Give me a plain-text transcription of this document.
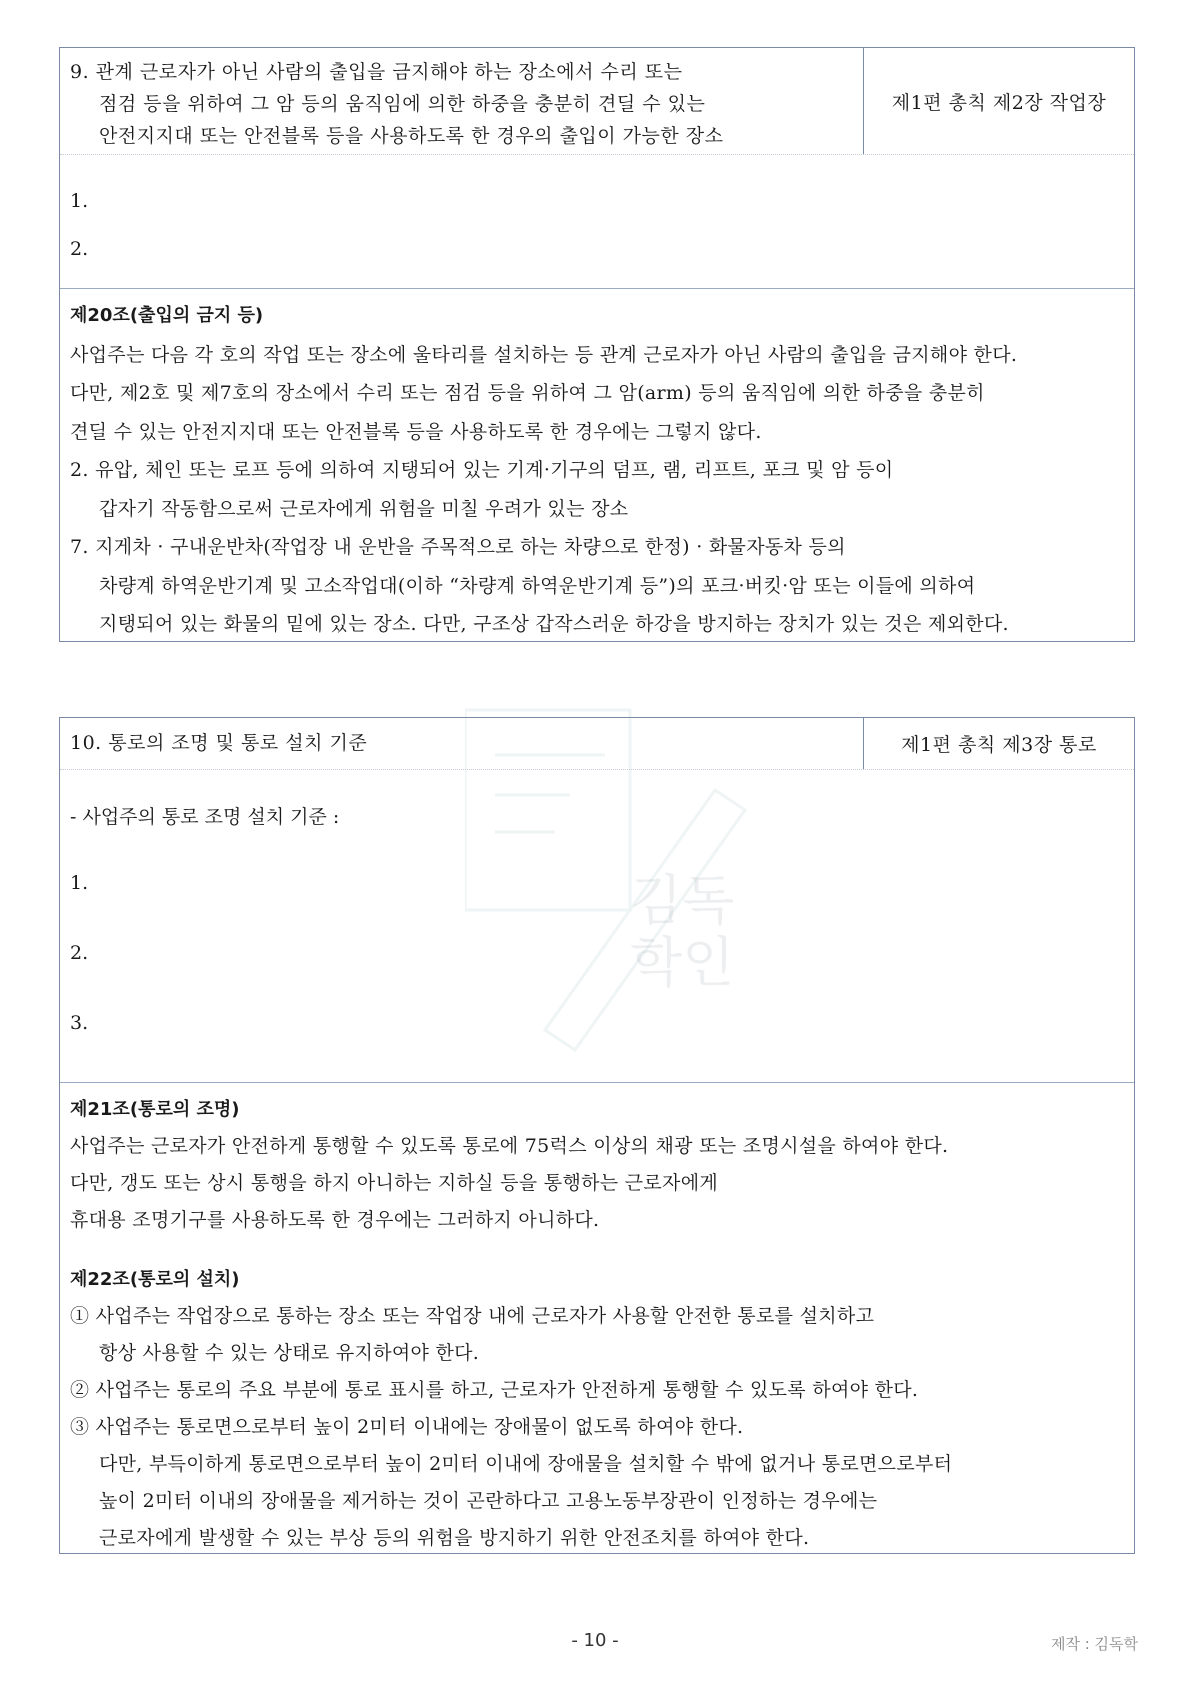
김독
학인
9. 관계 근로자가 아닌 사람의 출입을 금지해야 하는 장소에서 수리 또는
점검 등을 위하여 그 암 등의 움직임에 의한 하중을 충분히 견딜 수 있는
안전지지대 또는 안전블록 등을 사용하도록 한 경우의 출입이 가능한 장소
제1편 총칙 제2장 작업장
1.
2.
제20조(출입의 금지 등)
사업주는 다음 각 호의 작업 또는 장소에 울타리를 설치하는 등 관계 근로자가 아닌 사람의 출입을 금지해야 한다.
다만, 제2호 및 제7호의 장소에서 수리 또는 점검 등을 위하여 그 암(arm) 등의 움직임에 의한 하중을 충분히
견딜 수 있는 안전지지대 또는 안전블록 등을 사용하도록 한 경우에는 그렇지 않다.
2. 유압, 체인 또는 로프 등에 의하여 지탱되어 있는 기계·기구의 덤프, 램, 리프트, 포크 및 암 등이
갑자기 작동함으로써 근로자에게 위험을 미칠 우려가 있는 장소
7. 지게차 · 구내운반차(작업장 내 운반을 주목적으로 하는 차량으로 한정) · 화물자동차 등의
차량계 하역운반기계 및 고소작업대(이하 “차량계 하역운반기계 등”)의 포크·버킷·암 또는 이들에 의하여
지탱되어 있는 화물의 밑에 있는 장소. 다만, 구조상 갑작스러운 하강을 방지하는 장치가 있는 것은 제외한다.
10. 통로의 조명 및 통로 설치 기준	제1편 총칙 제3장 통로
- 사업주의 통로 조명 설치 기준 :
1.
2.
3.
제21조(통로의 조명)
사업주는 근로자가 안전하게 통행할 수 있도록 통로에 75럭스 이상의 채광 또는 조명시설을 하여야 한다.
다만, 갱도 또는 상시 통행을 하지 아니하는 지하실 등을 통행하는 근로자에게
휴대용 조명기구를 사용하도록 한 경우에는 그러하지 아니하다.
제22조(통로의 설치)
① 사업주는 작업장으로 통하는 장소 또는 작업장 내에 근로자가 사용할 안전한 통로를 설치하고
항상 사용할 수 있는 상태로 유지하여야 한다.
② 사업주는 통로의 주요 부분에 통로 표시를 하고, 근로자가 안전하게 통행할 수 있도록 하여야 한다.
③ 사업주는 통로면으로부터 높이 2미터 이내에는 장애물이 없도록 하여야 한다.
다만, 부득이하게 통로면으로부터 높이 2미터 이내에 장애물을 설치할 수 밖에 없거나 통로면으로부터
높이 2미터 이내의 장애물을 제거하는 것이 곤란하다고 고용노동부장관이 인정하는 경우에는
근로자에게 발생할 수 있는 부상 등의 위험을 방지하기 위한 안전조치를 하여야 한다.
- 10 -	제작 : 김독학
